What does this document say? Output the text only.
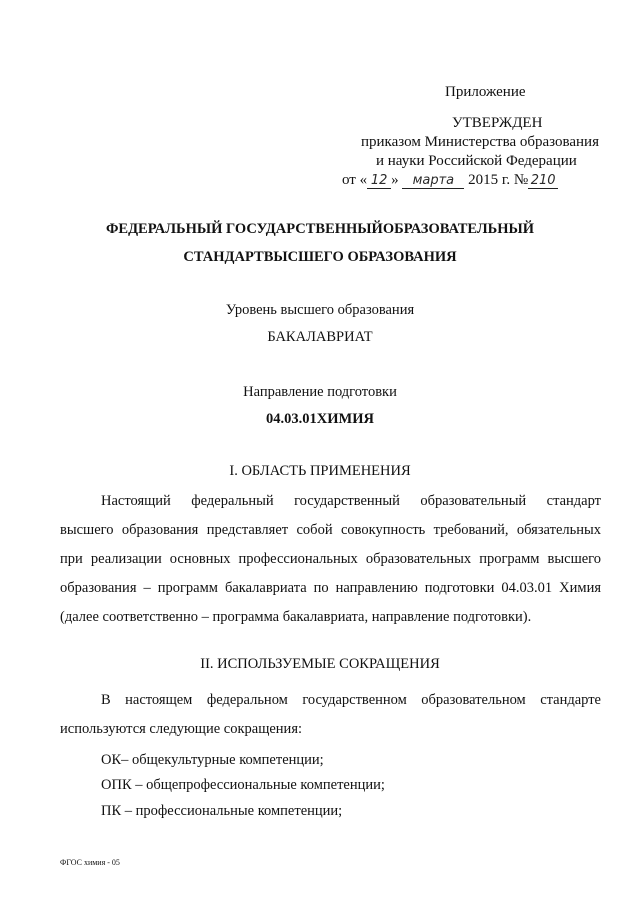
Приложение
УТВЕРЖДЕН
приказом Министерства образования
и науки Российской Федерации
от « 12 » марта 2015 г. № 210
ФЕДЕРАЛЬНЫЙ ГОСУДАРСТВЕННЫЙОБРАЗОВАТЕЛЬНЫЙ
СТАНДАРТВЫСШЕГО ОБРАЗОВАНИЯ
Уровень высшего образования
БАКАЛАВРИАТ
Направление подготовки
04.03.01ХИМИЯ
I. ОБЛАСТЬ ПРИМЕНЕНИЯ
Настоящий федеральный государственный образовательный стандарт
высшего образования представляет собой совокупность требований, обязательных
при реализации основных профессиональных образовательных программ высшего
образования – программ бакалавриата по направлению подготовки 04.03.01 Химия
(далее соответственно – программа бакалавриата, направление подготовки).
II. ИСПОЛЬЗУЕМЫЕ СОКРАЩЕНИЯ
В настоящем федеральном государственном образовательном стандарте
используются следующие сокращения:
ОК– общекультурные компетенции;
ОПК – общепрофессиональные компетенции;
ПК – профессиональные компетенции;
ФГОС химия - 05
